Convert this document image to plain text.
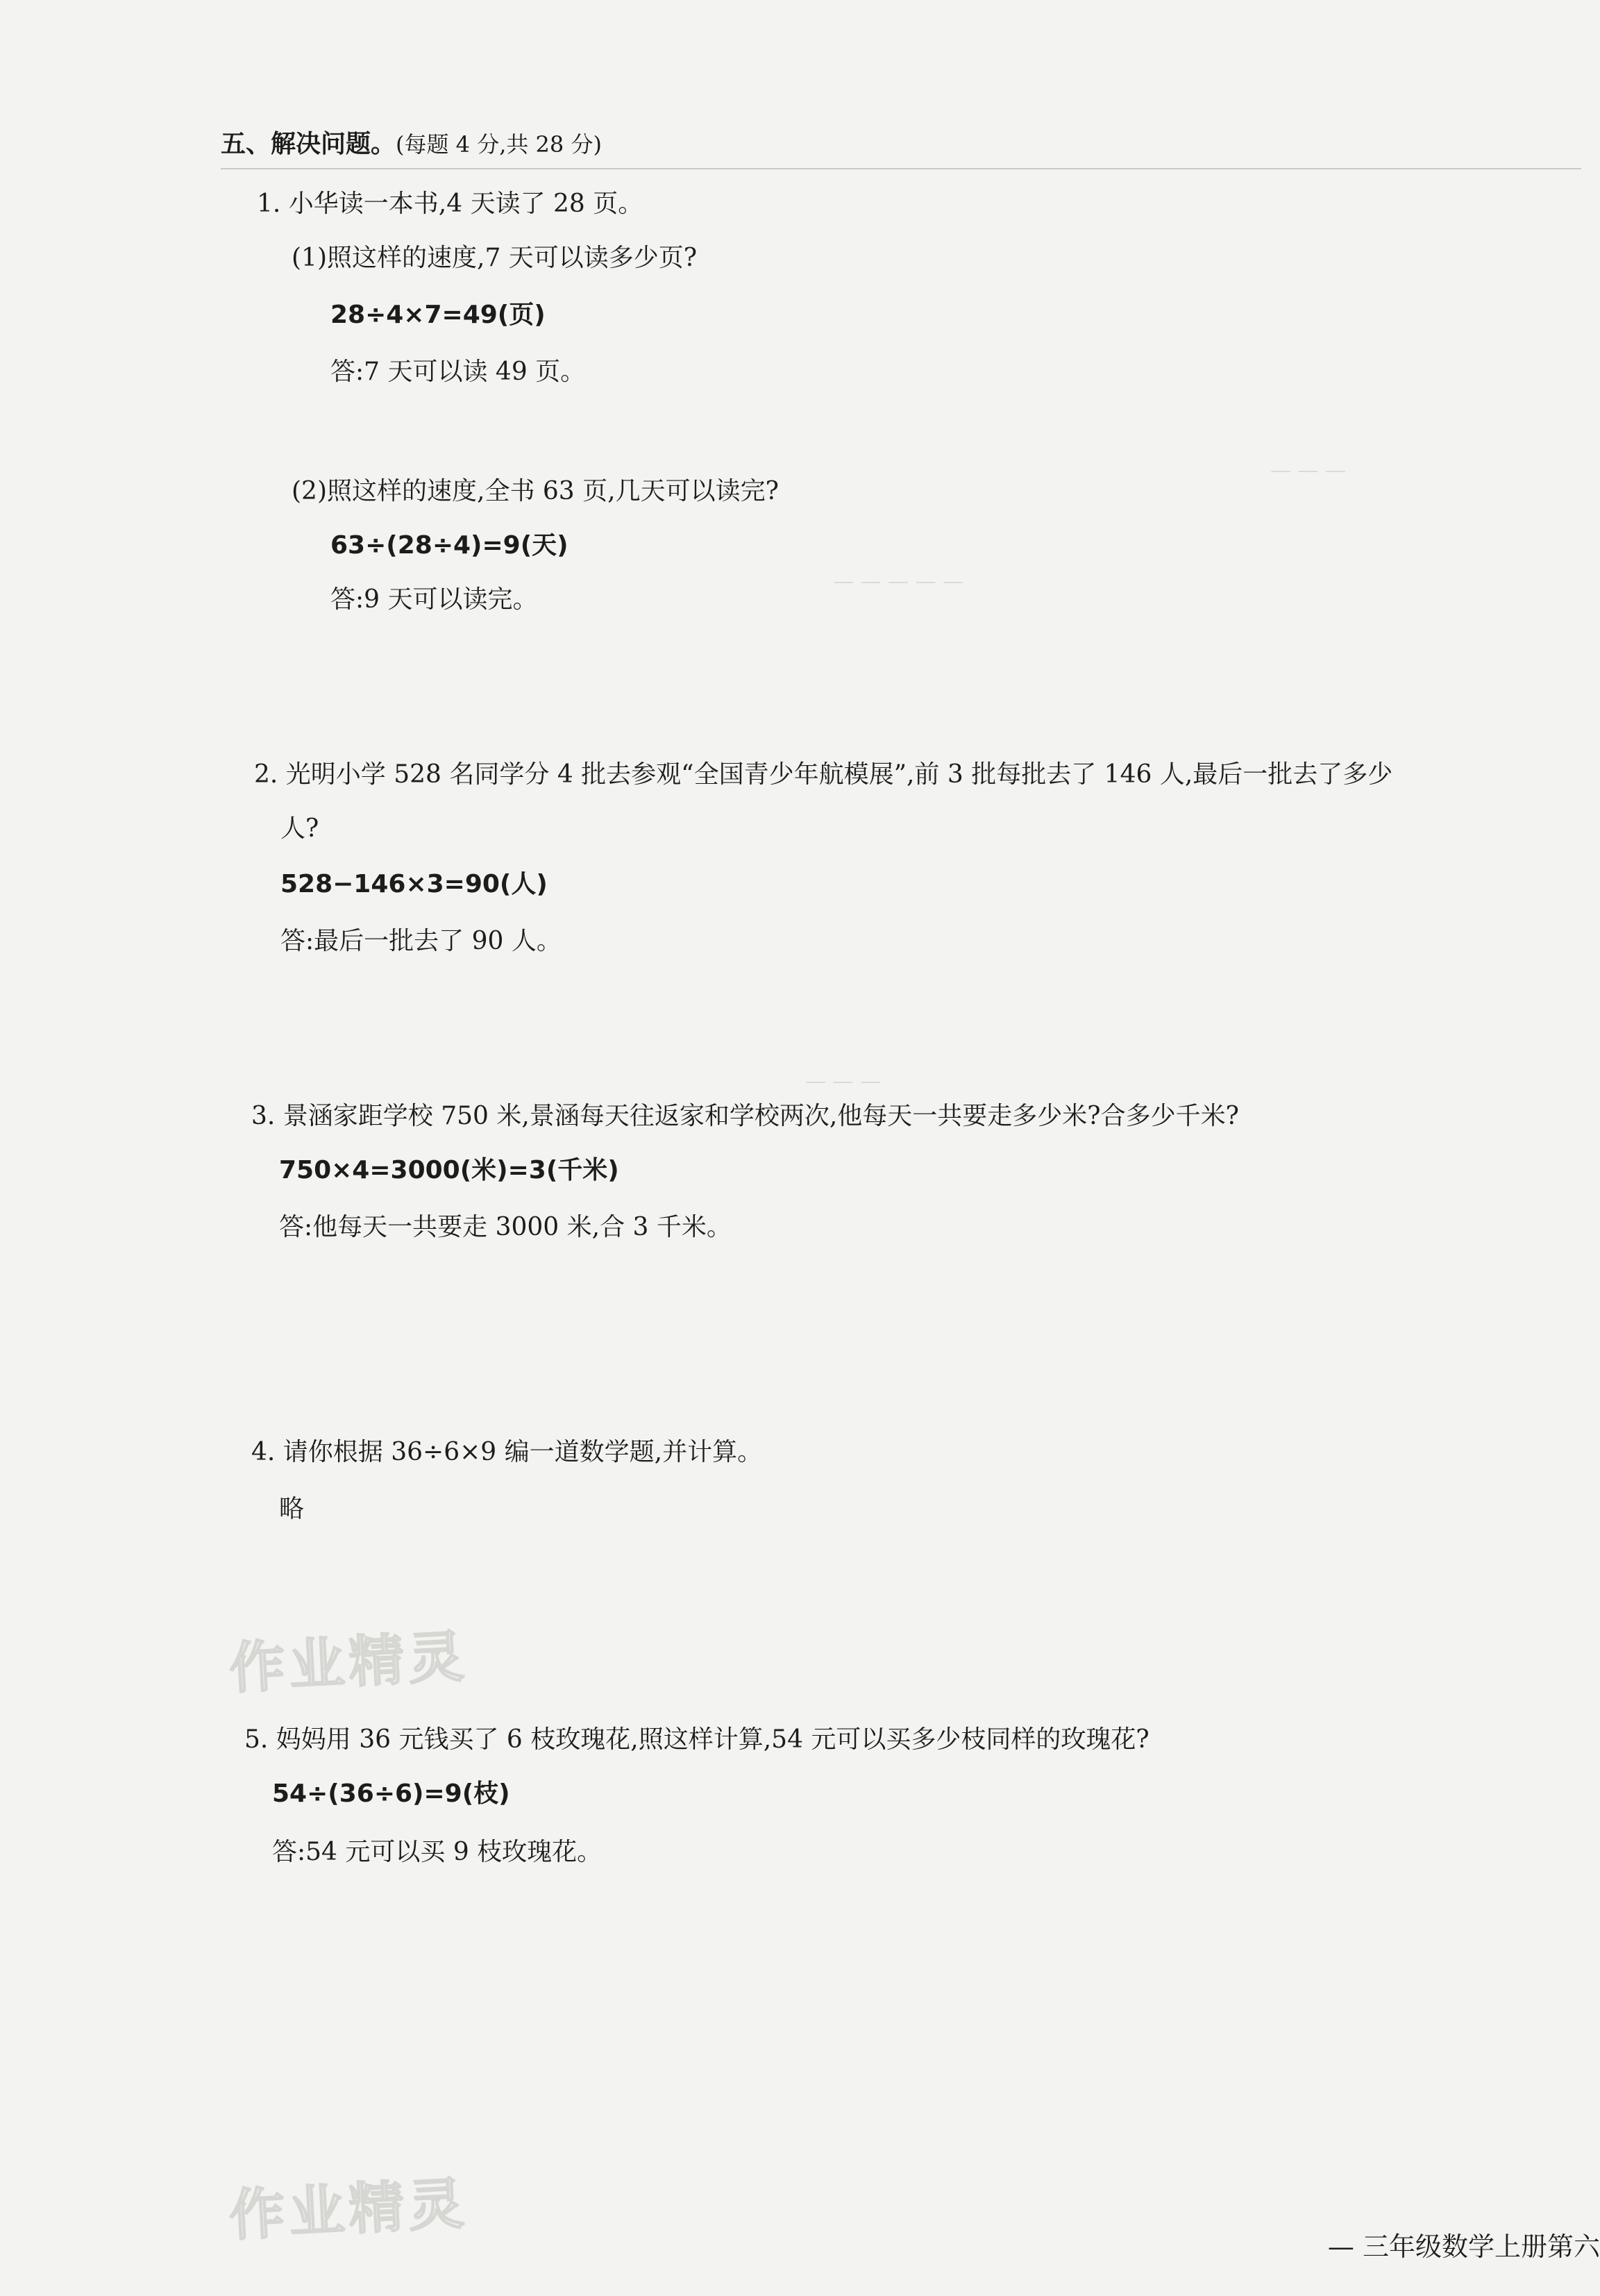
— — —
— — — — —
— — —
五、解决问题。(每题 4 分,共 28 分)
1. 小华读一本书,4 天读了 28 页。
(1)照这样的速度,7 天可以读多少页?
28÷4×7=49(页)
答:7 天可以读 49 页。
(2)照这样的速度,全书 63 页,几天可以读完?
63÷(28÷4)=9(天)
答:9 天可以读完。
2. 光明小学 528 名同学分 4 批去参观“全国青少年航模展”,前 3 批每批去了 146 人,最后一批去了多少
人?
528−146×3=90(人)
答:最后一批去了 90 人。
3. 景涵家距学校 750 米,景涵每天往返家和学校两次,他每天一共要走多少米?合多少千米?
750×4=3000(米)=3(千米)
答:他每天一共要走 3000 米,合 3 千米。
4. 请你根据 36÷6×9 编一道数学题,并计算。
略
作业精灵
5. 妈妈用 36 元钱买了 6 枝玫瑰花,照这样计算,54 元可以买多少枝同样的玫瑰花?
54÷(36÷6)=9(枝)
答:54 元可以买 9 枝玫瑰花。
作业精灵	— 三年级数学上册第六
